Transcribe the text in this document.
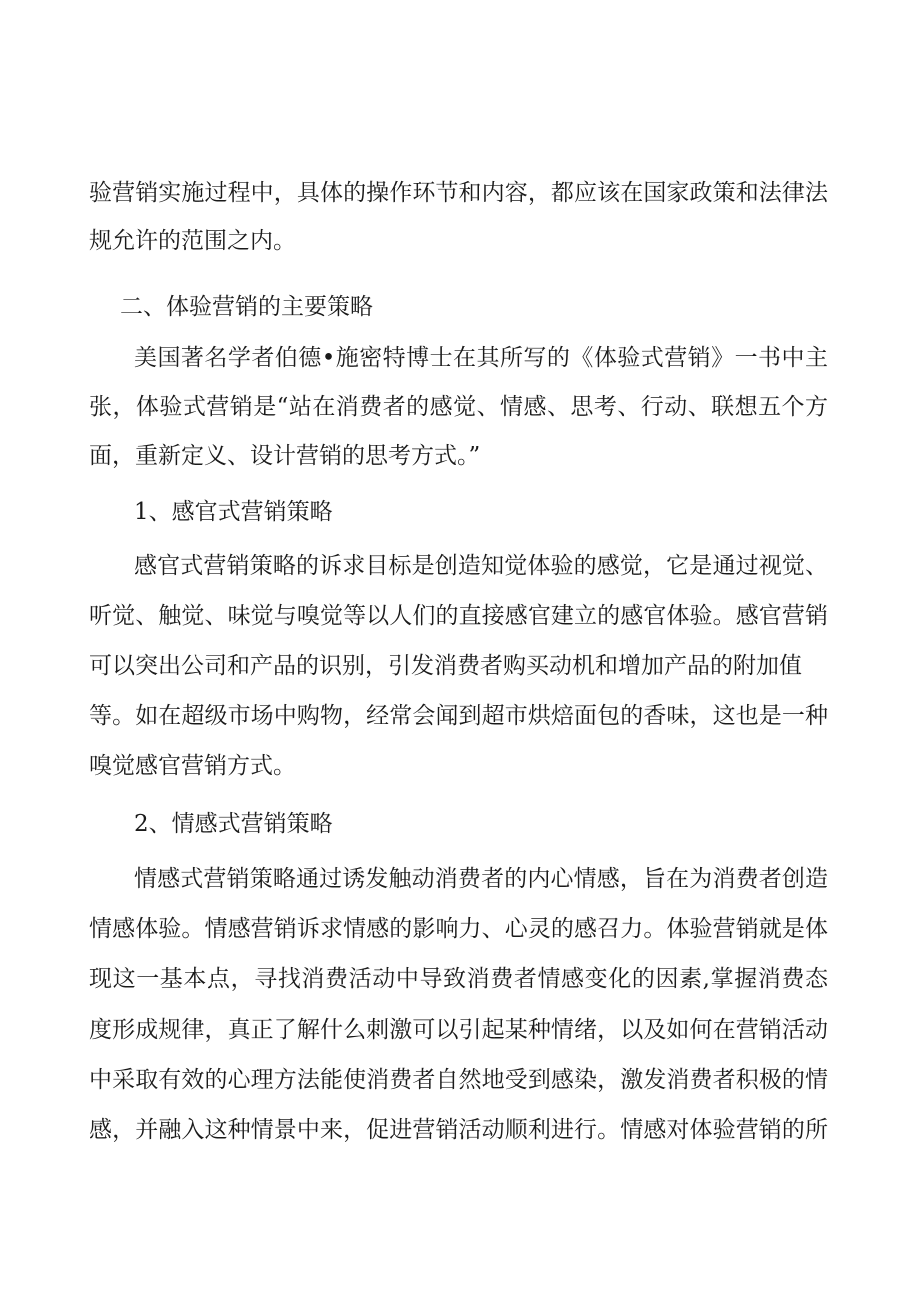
验营销实施过程中，具体的操作环节和内容，都应该在国家政策和法律法
规允许的范围之内。
二、体验营销的主要策略
美国著名学者伯德•施密特博士在其所写的《体验式营销》一书中主
张，体验式营销是“站在消费者的感觉、情感、思考、行动、联想五个方
面，重新定义、设计营销的思考方式。”
1、感官式营销策略
感官式营销策略的诉求目标是创造知觉体验的感觉，它是通过视觉、
听觉、触觉、味觉与嗅觉等以人们的直接感官建立的感官体验。感官营销
可以突出公司和产品的识别，引发消费者购买动机和增加产品的附加值
等。如在超级市场中购物，经常会闻到超市烘焙面包的香味，这也是一种
嗅觉感官营销方式。
2、情感式营销策略
情感式营销策略通过诱发触动消费者的内心情感，旨在为消费者创造
情感体验。情感营销诉求情感的影响力、心灵的感召力。体验营销就是体
现这一基本点，寻找消费活动中导致消费者情感变化的因素,掌握消费态
度形成规律，真正了解什么刺激可以引起某种情绪，以及如何在营销活动
中采取有效的心理方法能使消费者自然地受到感染，激发消费者积极的情
感，并融入这种情景中来，促进营销活动顺利进行。情感对体验营销的所
